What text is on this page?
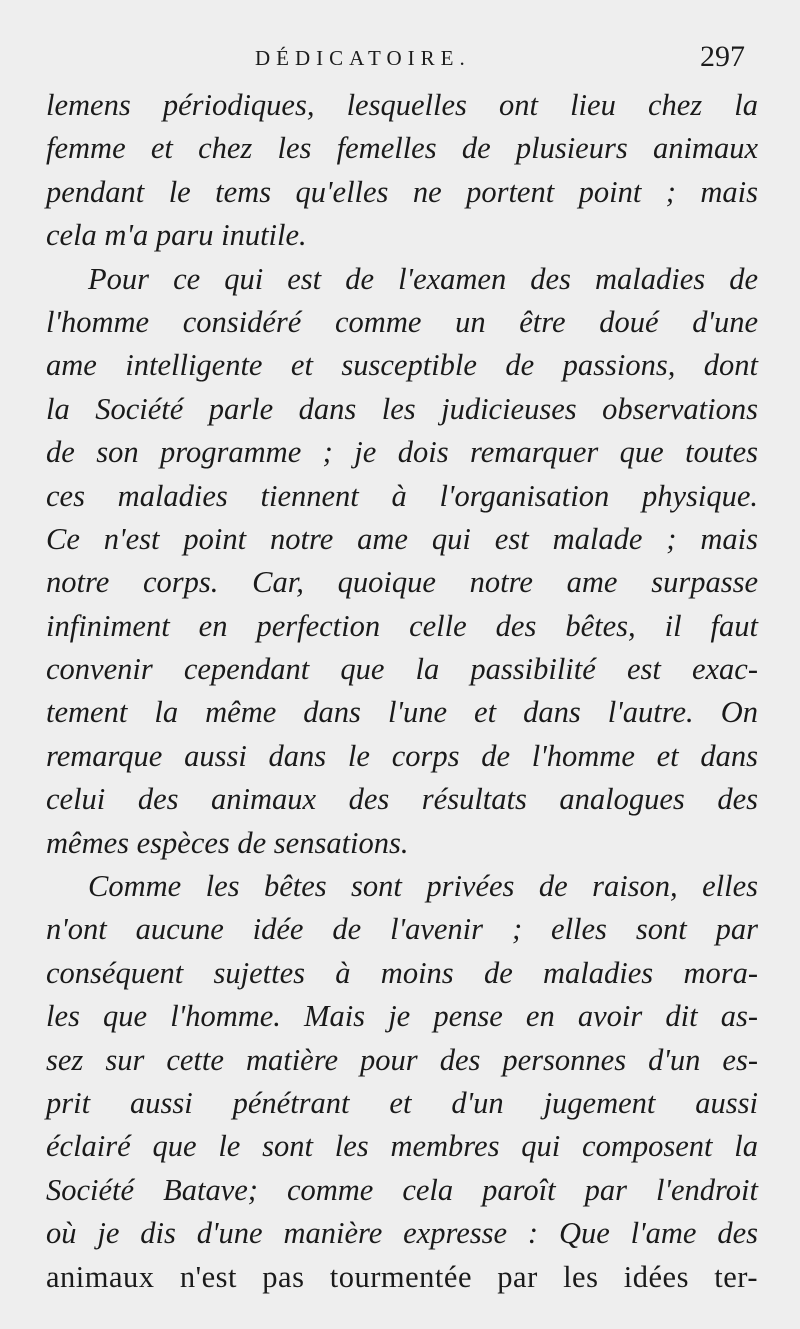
DÉDICATOIRE.	297
lemens périodiques, lesquelles ont lieu chez la
femme et chez les femelles de plusieurs animaux
pendant le tems qu'elles ne portent point ; mais
cela m'a paru inutile.
Pour ce qui est de l'examen des maladies de
l'homme considéré comme un être doué d'une
ame intelligente et susceptible de passions, dont
la Société parle dans les judicieuses observations
de son programme ; je dois remarquer que toutes
ces maladies tiennent à l'organisation physique.
Ce n'est point notre ame qui est malade ; mais
notre corps. Car, quoique notre ame surpasse
infiniment en perfection celle des bêtes, il faut
convenir cependant que la passibilité est exac-
tement la même dans l'une et dans l'autre. On
remarque aussi dans le corps de l'homme et dans
celui des animaux des résultats analogues des
mêmes espèces de sensations.
Comme les bêtes sont privées de raison, elles
n'ont aucune idée de l'avenir ; elles sont par
conséquent sujettes à moins de maladies mora-
les que l'homme. Mais je pense en avoir dit as-
sez sur cette matière pour des personnes d'un es-
prit aussi pénétrant et d'un jugement aussi
éclairé que le sont les membres qui composent la
Société Batave; comme cela paroît par l'endroit
où je dis d'une manière expresse : Que l'ame des
animaux n'est pas tourmentée par les idées ter-
